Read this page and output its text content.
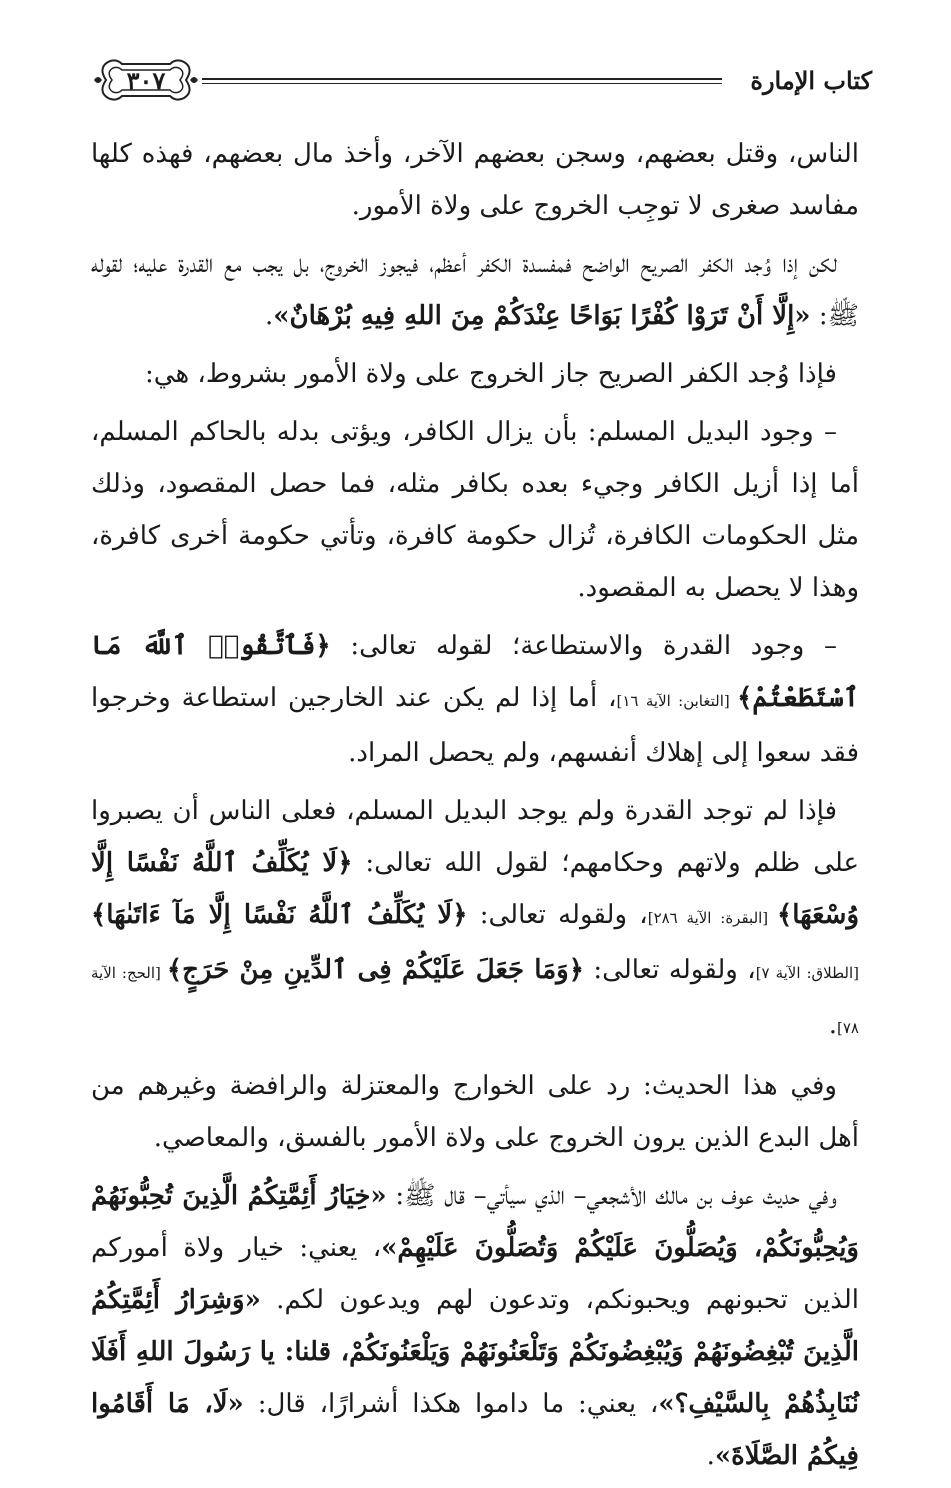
كتاب الإمارة
٣٠٧

الناس، وقتل بعضهم، وسجن بعضهم الآخر، وأخذ مال بعضهم، فهذه كلها مفاسد صغرى لا توجِب الخروج على ولاة الأمور.

لكن إذا وُجد الكفر الصريح الواضح فمفسدة الكفر أعظم، فيجوز الخروج، بل يجب مع القدرة عليه؛ لقوله ﷺ: «إِلَّا أَنْ تَرَوْا كُفْرًا بَوَاحًا عِنْدَكُمْ مِنَ اللهِ فِيهِ بُرْهَانٌ».

فإذا وُجد الكفر الصريح جاز الخروج على ولاة الأمور بشروط، هي:

– وجود البديل المسلم: بأن يزال الكافر، ويؤتى بدله بالحاكم المسلم، أما إذا أزيل الكافر وجيء بعده بكافر مثله، فما حصل المقصود، وذلك مثل الحكومات الكافرة، تُزال حكومة كافرة، وتأتي حكومة أخرى كافرة، وهذا لا يحصل به المقصود.

– وجود القدرة والاستطاعة؛ لقوله تعالى: ﴿فَٱتَّقُوا۟ ٱللَّهَ مَا ٱسْتَطَعْتُمْ﴾ [التغابن: الآية ١٦]، أما إذا لم يكن عند الخارجين استطاعة وخرجوا فقد سعوا إلى إهلاك أنفسهم، ولم يحصل المراد.

فإذا لم توجد القدرة ولم يوجد البديل المسلم، فعلى الناس أن يصبروا على ظلم ولاتهم وحكامهم؛ لقول الله تعالى: ﴿لَا يُكَلِّفُ ٱللَّهُ نَفْسًا إِلَّا وُسْعَهَا﴾ [البقرة: الآية ٢٨٦]، ولقوله تعالى: ﴿لَا يُكَلِّفُ ٱللَّهُ نَفْسًا إِلَّا مَآ ءَاتَىٰهَا﴾ [الطلاق: الآية ٧]، ولقوله تعالى: ﴿وَمَا جَعَلَ عَلَيْكُمْ فِى ٱلدِّينِ مِنْ حَرَجٍ﴾ [الحج: الآية ٧٨].

وفي هذا الحديث: رد على الخوارج والمعتزلة والرافضة وغيرهم من أهل البدع الذين يرون الخروج على ولاة الأمور بالفسق، والمعاصي.

وفي حديث عوف بن مالك الأشجعي– الذي سيأتي– قال ﷺ: «خِيَارُ أَئِمَّتِكُمُ الَّذِينَ تُحِبُّونَهُمْ وَيُحِبُّونَكُمْ، وَيُصَلُّونَ عَلَيْكُمْ وَتُصَلُّونَ عَلَيْهِمْ»، يعني: خيار ولاة أموركم الذين تحبونهم ويحبونكم، وتدعون لهم ويدعون لكم. «وَشِرَارُ أَئِمَّتِكُمُ الَّذِينَ تُبْغِضُونَهُمْ وَيُبْغِضُونَكُمْ وَتَلْعَنُونَهُمْ وَيَلْعَنُونَكُمْ، قلنا: يا رَسُولَ اللهِ أَفَلَا نُنَابِذُهُمْ بِالسَّيْفِ؟»، يعني: ما داموا هكذا أشرارًا، قال: «لَا، مَا أَقَامُوا فِيكُمُ الصَّلَاةَ».
